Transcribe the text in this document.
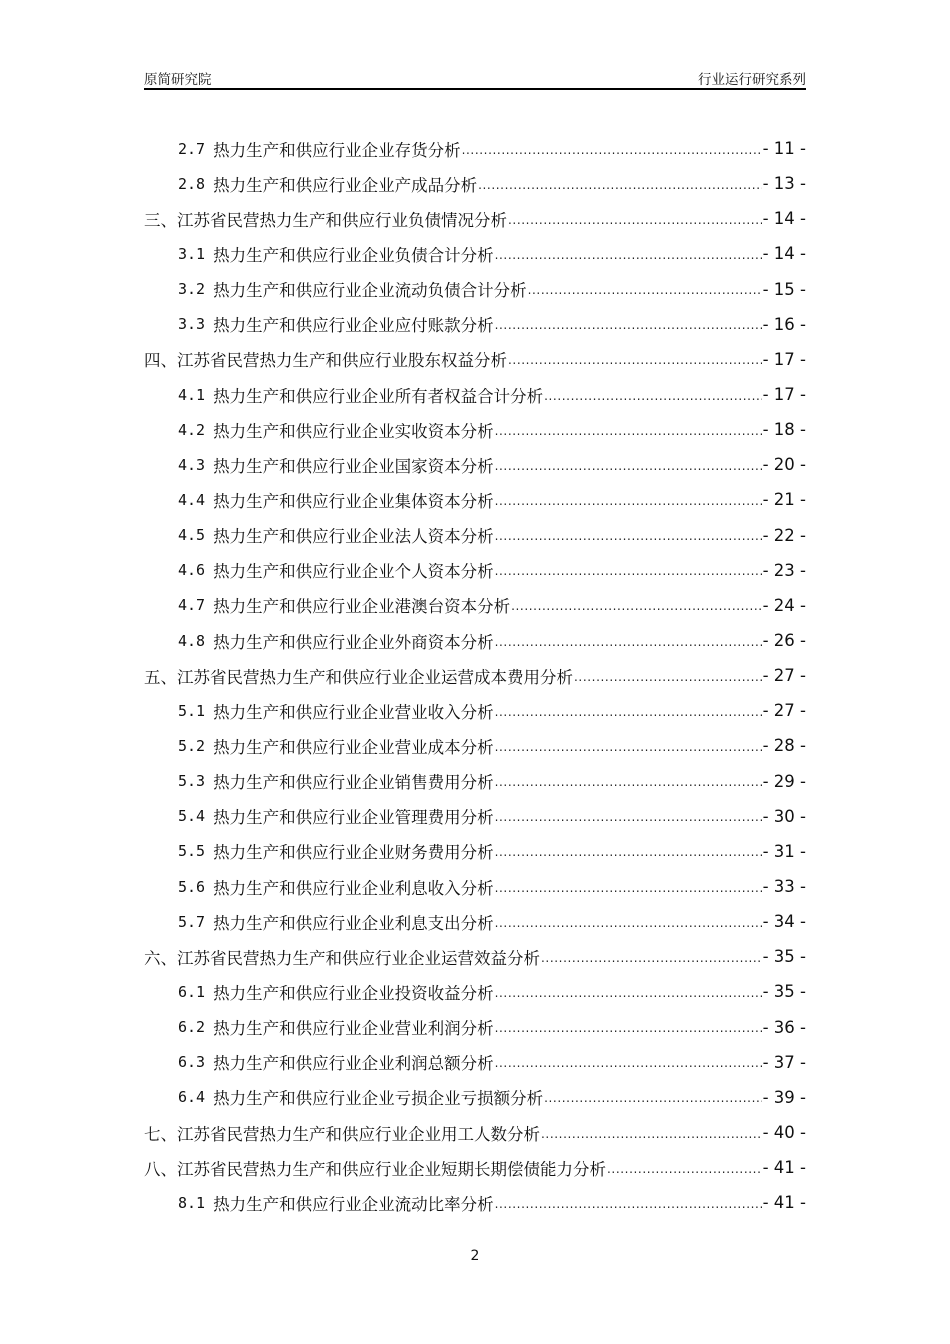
原简研究院	行业运行研究系列
2.7 热力生产和供应行业企业存货分析 .....	- 11 -
2.8 热力生产和供应行业企业产成品分析 .....	- 13 -
三、江苏省民营热力生产和供应行业负债情况分析 .....	- 14 -
3.1 热力生产和供应行业企业负债合计分析 .....	- 14 -
3.2 热力生产和供应行业企业流动负债合计分析 .....	- 15 -
3.3 热力生产和供应行业企业应付账款分析 .....	- 16 -
四、江苏省民营热力生产和供应行业股东权益分析 .....	- 17 -
4.1 热力生产和供应行业企业所有者权益合计分析 .....	- 17 -
4.2 热力生产和供应行业企业实收资本分析 .....	- 18 -
4.3 热力生产和供应行业企业国家资本分析 .....	- 20 -
4.4 热力生产和供应行业企业集体资本分析 .....	- 21 -
4.5 热力生产和供应行业企业法人资本分析 .....	- 22 -
4.6 热力生产和供应行业企业个人资本分析 .....	- 23 -
4.7 热力生产和供应行业企业港澳台资本分析 .....	- 24 -
4.8 热力生产和供应行业企业外商资本分析 .....	- 26 -
五、江苏省民营热力生产和供应行业企业运营成本费用分析 .....	- 27 -
5.1 热力生产和供应行业企业营业收入分析 .....	- 27 -
5.2 热力生产和供应行业企业营业成本分析 .....	- 28 -
5.3 热力生产和供应行业企业销售费用分析 .....	- 29 -
5.4 热力生产和供应行业企业管理费用分析 .....	- 30 -
5.5 热力生产和供应行业企业财务费用分析 .....	- 31 -
5.6 热力生产和供应行业企业利息收入分析 .....	- 33 -
5.7 热力生产和供应行业企业利息支出分析 .....	- 34 -
六、江苏省民营热力生产和供应行业企业运营效益分析 .....	- 35 -
6.1 热力生产和供应行业企业投资收益分析 .....	- 35 -
6.2 热力生产和供应行业企业营业利润分析 .....	- 36 -
6.3 热力生产和供应行业企业利润总额分析 .....	- 37 -
6.4 热力生产和供应行业企业亏损企业亏损额分析 .....	- 39 -
七、江苏省民营热力生产和供应行业企业用工人数分析 .....	- 40 -
八、江苏省民营热力生产和供应行业企业短期长期偿债能力分析 .....	- 41 -
8.1 热力生产和供应行业企业流动比率分析 .....	- 41 -
2
